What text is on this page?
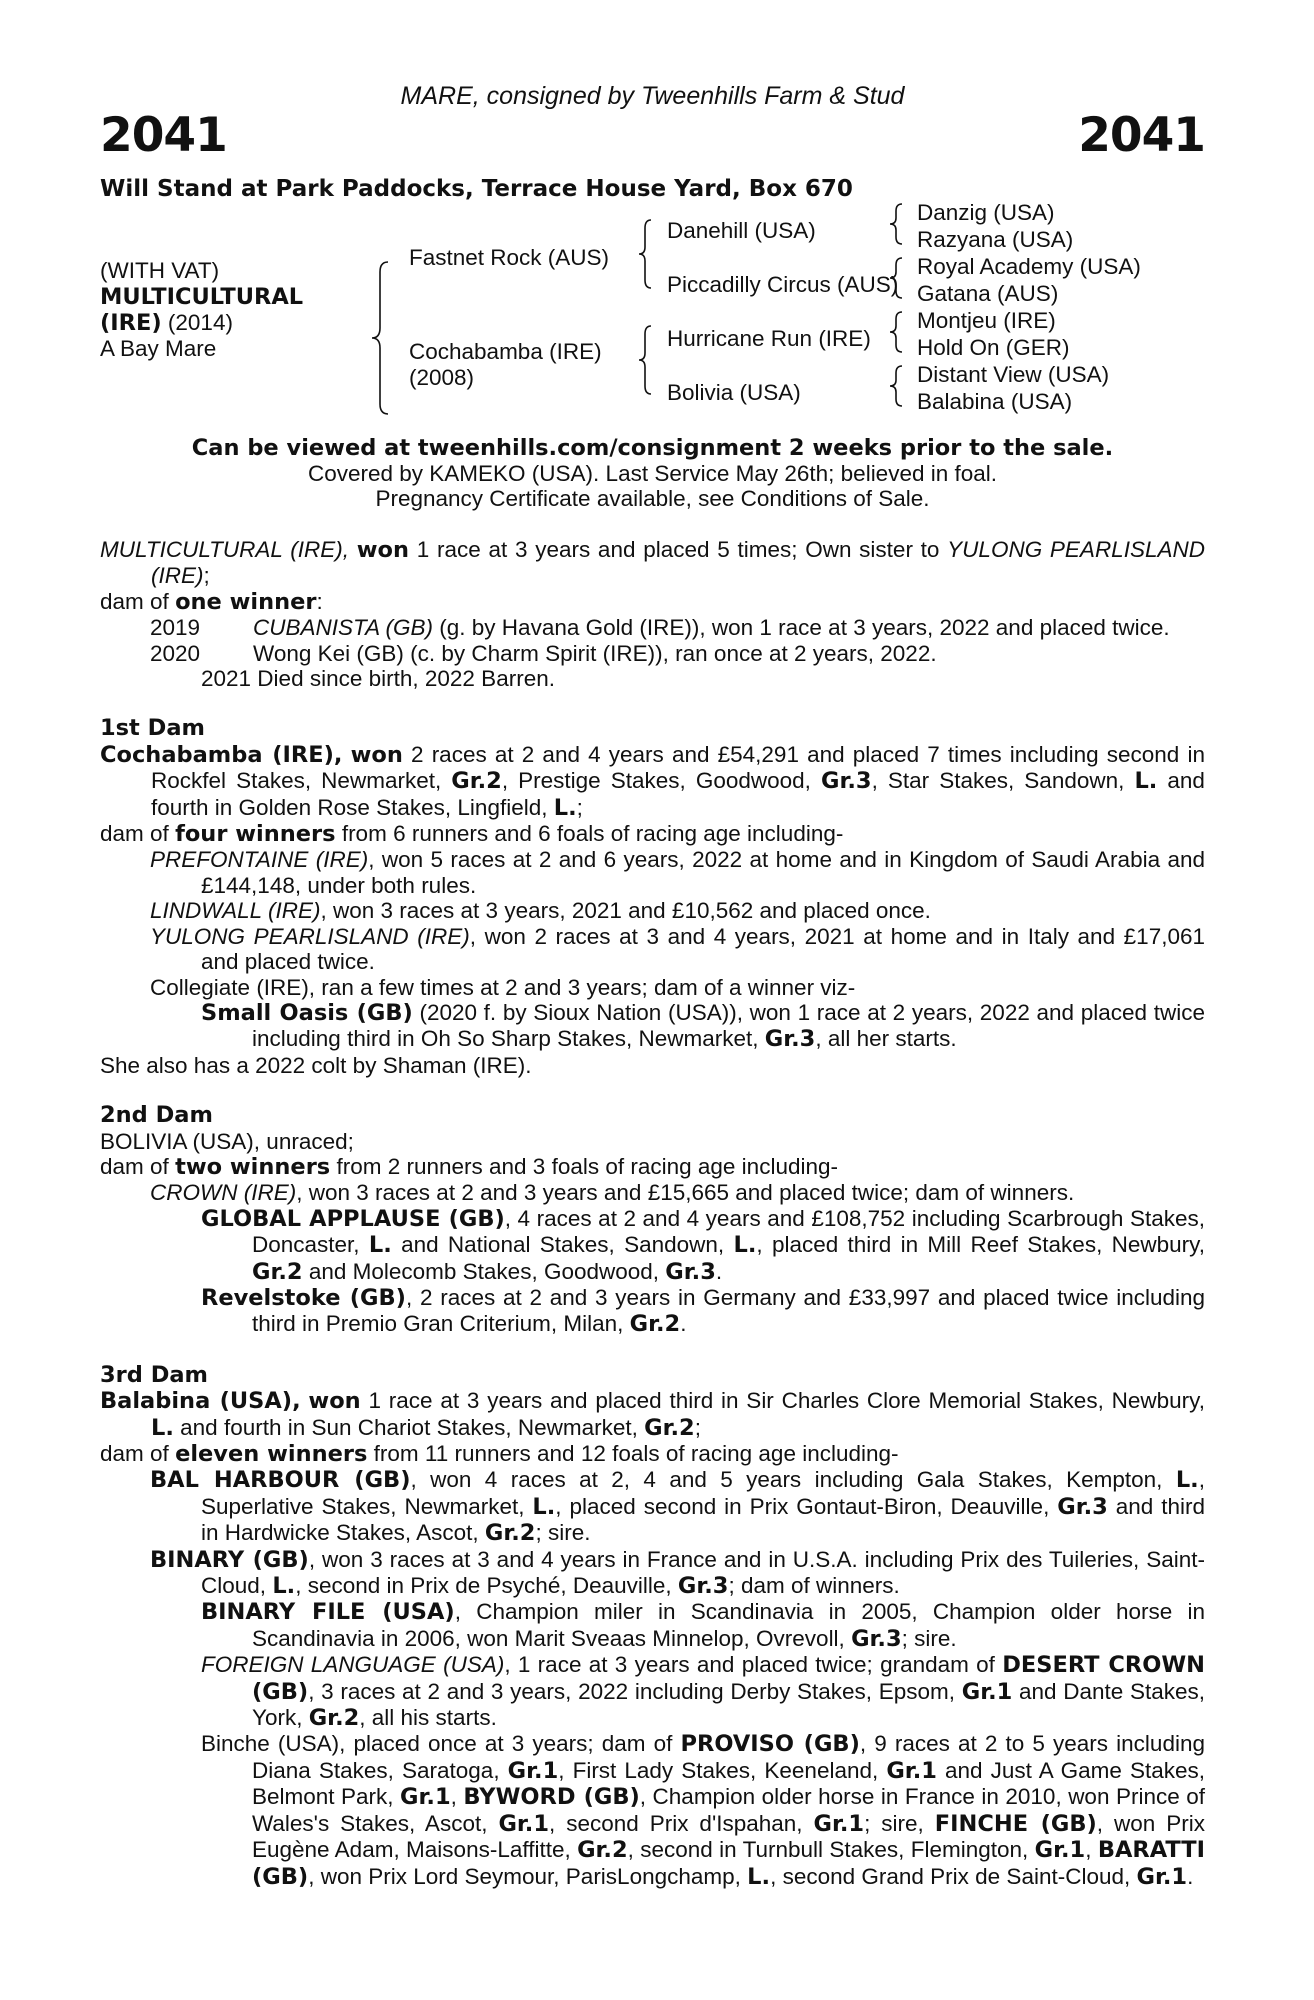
MARE, consigned by Tweenhills Farm & Stud
2041	2041
Will Stand at Park Paddocks, Terrace House Yard, Box 670
(WITH VAT)
MULTICULTURAL
(IRE) (2014)
A Bay Mare
Fastnet Rock (AUS)
Cochabamba (IRE)
(2008)
Danehill (USA)
Piccadilly Circus (AUS)
Hurricane Run (IRE)
Bolivia (USA)
Danzig (USA)
Razyana (USA)
Royal Academy (USA)
Gatana (AUS)
Montjeu (IRE)
Hold On (GER)
Distant View (USA)
Balabina (USA)
Can be viewed at tweenhills.com/consignment 2 weeks prior to the sale.
Covered by KAMEKO (USA). Last Service May 26th; believed in foal.
Pregnancy Certificate available, see Conditions of Sale.

MULTICULTURAL (IRE), won 1 race at 3 years and placed 5 times; Own sister to YULONG PEARLISLAND (IRE);

dam of one winner:

2019 CUBANISTA (GB) (g. by Havana Gold (IRE)), won 1 race at 3 years, 2022 and placed twice.

2020 Wong Kei (GB) (c. by Charm Spirit (IRE)), ran once at 2 years, 2022.

2021 Died since birth, 2022 Barren.

1st Dam

Cochabamba (IRE), won 2 races at 2 and 4 years and £54,291 and placed 7 times including second in Rockfel Stakes, Newmarket, Gr.2, Prestige Stakes, Goodwood, Gr.3, Star Stakes, Sandown, L. and fourth in Golden Rose Stakes, Lingfield, L.;

dam of four winners from 6 runners and 6 foals of racing age including-

PREFONTAINE (IRE), won 5 races at 2 and 6 years, 2022 at home and in Kingdom of Saudi Arabia and £144,148, under both rules.

LINDWALL (IRE), won 3 races at 3 years, 2021 and £10,562 and placed once.

YULONG PEARLISLAND (IRE), won 2 races at 3 and 4 years, 2021 at home and in Italy and £17,061 and placed twice.

Collegiate (IRE), ran a few times at 2 and 3 years; dam of a winner viz-

Small Oasis (GB) (2020 f. by Sioux Nation (USA)), won 1 race at 2 years, 2022 and placed twice including third in Oh So Sharp Stakes, Newmarket, Gr.3, all her starts.

She also has a 2022 colt by Shaman (IRE).

2nd Dam

BOLIVIA (USA), unraced;

dam of two winners from 2 runners and 3 foals of racing age including-

CROWN (IRE), won 3 races at 2 and 3 years and £15,665 and placed twice; dam of winners.

GLOBAL APPLAUSE (GB), 4 races at 2 and 4 years and £108,752 including Scarbrough Stakes, Doncaster, L. and National Stakes, Sandown, L., placed third in Mill Reef Stakes, Newbury, Gr.2 and Molecomb Stakes, Goodwood, Gr.3.

Revelstoke (GB), 2 races at 2 and 3 years in Germany and £33,997 and placed twice including third in Premio Gran Criterium, Milan, Gr.2.

3rd Dam

Balabina (USA), won 1 race at 3 years and placed third in Sir Charles Clore Memorial Stakes, Newbury, L. and fourth in Sun Chariot Stakes, Newmarket, Gr.2;

dam of eleven winners from 11 runners and 12 foals of racing age including-

BAL HARBOUR (GB), won 4 races at 2, 4 and 5 years including Gala Stakes, Kempton, L., Superlative Stakes, Newmarket, L., placed second in Prix Gontaut-Biron, Deauville, Gr.3 and third in Hardwicke Stakes, Ascot, Gr.2; sire.

BINARY (GB), won 3 races at 3 and 4 years in France and in U.S.A. including Prix des Tuileries, Saint-Cloud, L., second in Prix de Psyché, Deauville, Gr.3; dam of winners.

BINARY FILE (USA), Champion miler in Scandinavia in 2005, Champion older horse in Scandinavia in 2006, won Marit Sveaas Minnelop, Ovrevoll, Gr.3; sire.

FOREIGN LANGUAGE (USA), 1 race at 3 years and placed twice; grandam of DESERT CROWN (GB), 3 races at 2 and 3 years, 2022 including Derby Stakes, Epsom, Gr.1 and Dante Stakes, York, Gr.2, all his starts.

Binche (USA), placed once at 3 years; dam of PROVISO (GB), 9 races at 2 to 5 years including Diana Stakes, Saratoga, Gr.1, First Lady Stakes, Keeneland, Gr.1 and Just A Game Stakes, Belmont Park, Gr.1, BYWORD (GB), Champion older horse in France in 2010, won Prince of Wales's Stakes, Ascot, Gr.1, second Prix d'Ispahan, Gr.1; sire, FINCHE (GB), won Prix Eugène Adam, Maisons-Laffitte, Gr.2, second in Turnbull Stakes, Flemington, Gr.1, BARATTI (GB), won Prix Lord Seymour, ParisLongchamp, L., second Grand Prix de Saint-Cloud, Gr.1.
